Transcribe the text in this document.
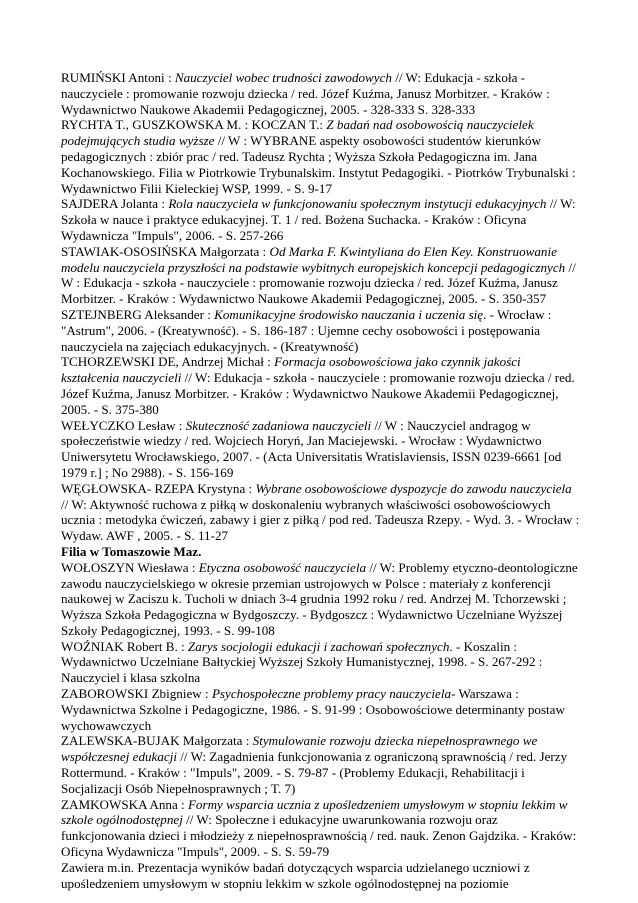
RUMIŃSKI Antoni : Nauczyciel wobec trudności zawodowych // W: Edukacja - szkoła - nauczyciele : promowanie rozwoju dziecka / red. Józef Kuźma, Janusz Morbitzer. - Kraków : Wydawnictwo Naukowe Akademii Pedagogicznej, 2005. - 328-333 S. 328-333

RYCHTA T., GUSZKOWSKA M. : KOCZAN T.: Z badań nad osobowością nauczycielek podejmujących studia wyższe // W : WYBRANE aspekty osobowości studentów kierunków pedagogicznych : zbiór prac / red. Tadeusz Rychta ; Wyższa Szkoła Pedagogiczna im. Jana Kochanowskiego. Filia w Piotrkowie Trybunalskim. Instytut Pedagogiki. - Piotrków Trybunalski : Wydawnictwo Filii Kieleckiej WSP, 1999. - S. 9-17

SAJDERA Jolanta : Rola nauczyciela w funkcjonowaniu społecznym instytucji edukacyjnych // W: Szkoła w nauce i praktyce edukacyjnej. T. 1 / red. Bożena Suchacka. - Kraków : Oficyna Wydawnicza "Impuls", 2006. - S. 257-266

STAWIAK-OSOSIŃSKA Małgorzata : Od Marka F. Kwintyliana do Elen Key. Konstruowanie modelu nauczyciela przyszłości na podstawie wybitnych europejskich koncepcji pedagogicznych // W : Edukacja - szkoła - nauczyciele : promowanie rozwoju dziecka / red. Józef Kuźma, Janusz Morbitzer. - Kraków : Wydawnictwo Naukowe Akademii Pedagogicznej, 2005. - S. 350-357

SZTEJNBERG Aleksander : Komunikacyjne środowisko nauczania i uczenia się. - Wrocław : "Astrum", 2006. - (Kreatywność). - S. 186-187 : Ujemne cechy osobowości i postępowania nauczyciela na zajęciach edukacyjnych. - (Kreatywność)

TCHORZEWSKI DE, Andrzej Michał : Formacja osobowościowa jako czynnik jakości kształcenia nauczycieli // W: Edukacja - szkoła - nauczyciele : promowanie rozwoju dziecka / red. Józef Kuźma, Janusz Morbitzer. - Kraków : Wydawnictwo Naukowe Akademii Pedagogicznej, 2005. - S. 375-380

WEŁYCZKO Lesław : Skuteczność zadaniowa nauczycieli // W : Nauczyciel andragog w społeczeństwie wiedzy / red. Wojciech Horyń, Jan Maciejewski. - Wrocław : Wydawnictwo Uniwersytetu Wrocławskiego, 2007. - (Acta Universitatis Wratislaviensis, ISSN 0239-6661 [od 1979 r.] ; No 2988). - S. 156-169

WĘGŁOWSKA- RZEPA Krystyna : Wybrane osobowościowe dyspozycje do zawodu nauczyciela // W: Aktywność ruchowa z piłką w doskonaleniu wybranych właściwości osobowościowych ucznia : metodyka ćwiczeń, zabawy i gier z piłką / pod red. Tadeusza Rzepy. - Wyd. 3. - Wrocław : Wydaw. AWF , 2005. - S. 11-27

Filia w Tomaszowie Maz.

WOŁOSZYN Wiesława : Etyczna osobowość nauczyciela // W: Problemy etyczno-deontologiczne zawodu nauczycielskiego w okresie przemian ustrojowych w Polsce : materiały z konferencji naukowej w Zaciszu k. Tucholi w dniach 3-4 grudnia 1992 roku / red. Andrzej M. Tchorzewski ; Wyższa Szkoła Pedagogiczna w Bydgoszczy. - Bydgoszcz : Wydawnictwo Uczelniane Wyższej Szkoły Pedagogicznej, 1993. - S. 99-108

WOŹNIAK Robert B. : Zarys socjologii edukacji i zachowań społecznych. - Koszalin : Wydawnictwo Uczelniane Bałtyckiej Wyższej Szkoły Humanistycznej, 1998. - S. 267-292 : Nauczyciel i klasa szkolna

ZABOROWSKI Zbigniew : Psychospołeczne problemy pracy nauczyciela- Warszawa : Wydawnictwa Szkolne i Pedagogiczne, 1986. - S. 91-99 : Osobowościowe determinanty postaw wychowawczych

ZALEWSKA-BUJAK Małgorzata : Stymulowanie rozwoju dziecka niepełnosprawnego we współczesnej edukacji // W: Zagadnienia funkcjonowania z ograniczoną sprawnością / red. Jerzy Rottermund. - Kraków : "Impuls", 2009. - S. 79-87 - (Problemy Edukacji, Rehabilitacji i Socjalizacji Osób Niepełnosprawnych ; T. 7)

ZAMKOWSKA Anna : Formy wsparcia ucznia z upośledzeniem umysłowym w stopniu lekkim w szkole ogólnodostępnej // W: Społeczne i edukacyjne uwarunkowania rozwoju oraz funkcjonowania dzieci i młodzieży z niepełnosprawnością / red. nauk. Zenon Gajdzika. - Kraków: Oficyna Wydawnicza "Impuls", 2009. - S. S. 59-79

Zawiera m.in. Prezentacja wyników badań dotyczących wsparcia udzielanego uczniowi z upośledzeniem umysłowym w stopniu lekkim w szkole ogólnodostępnej na poziomie
